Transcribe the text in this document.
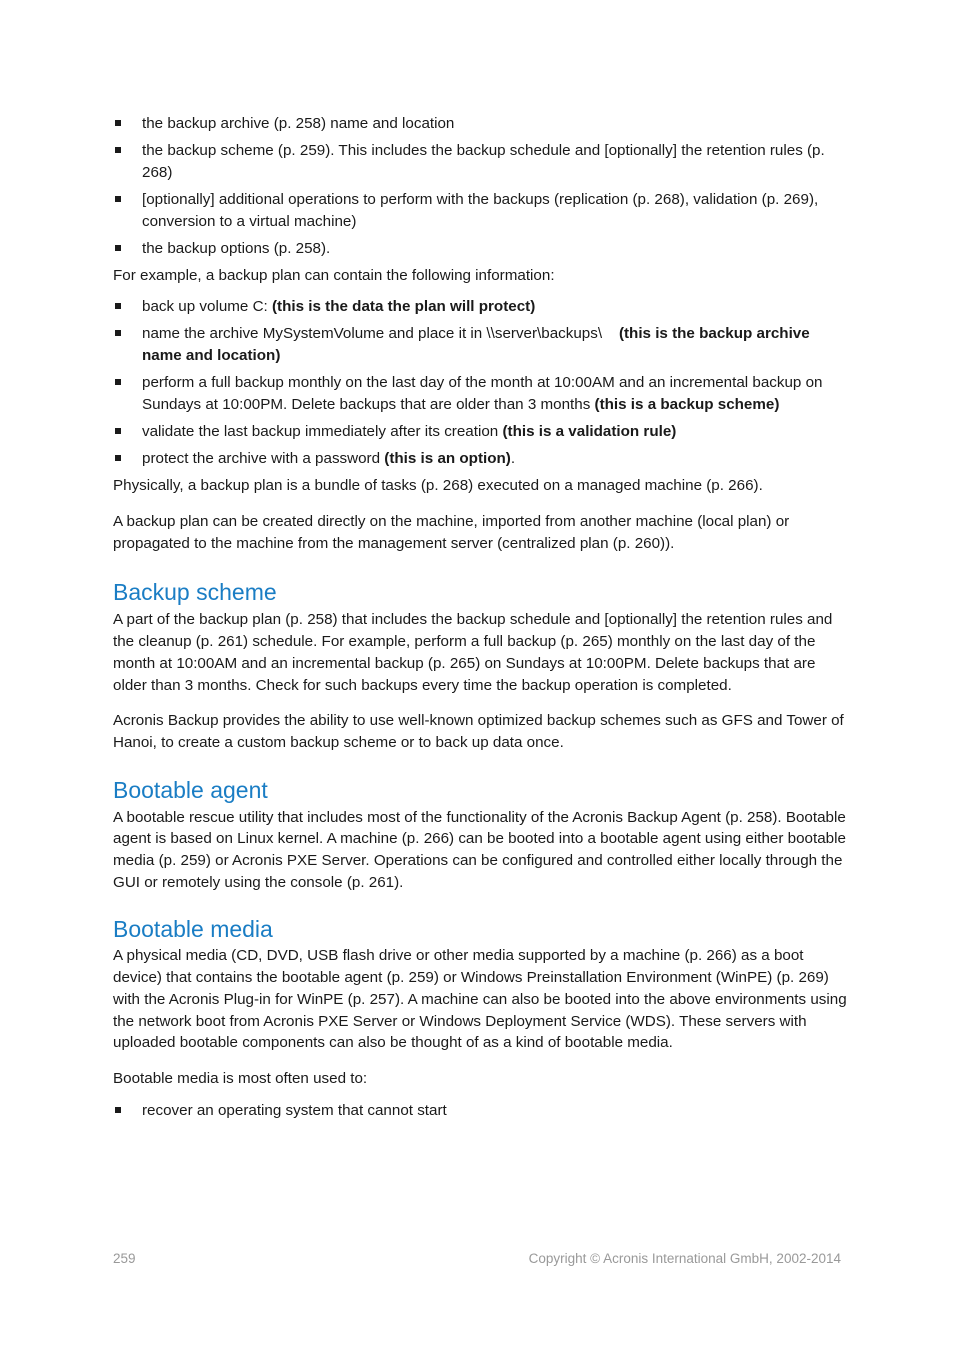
the backup archive (p. 258) name and location
the backup scheme (p. 259). This includes the backup schedule and [optionally] the retention rules (p. 268)
[optionally] additional operations to perform with the backups (replication (p. 268), validation (p. 269), conversion to a virtual machine)
the backup options (p. 258).

For example, a backup plan can contain the following information:

back up volume C: (this is the data the plan will protect)
name the archive MySystemVolume and place it in \\server\backups\    (this is the backup archive name and location)
perform a full backup monthly on the last day of the month at 10:00AM and an incremental backup on Sundays at 10:00PM. Delete backups that are older than 3 months (this is a backup scheme)
validate the last backup immediately after its creation (this is a validation rule)
protect the archive with a password (this is an option).

Physically, a backup plan is a bundle of tasks (p. 268) executed on a managed machine (p. 266).

A backup plan can be created directly on the machine, imported from another machine (local plan) or propagated to the machine from the management server (centralized plan (p. 260)).

Backup scheme

A part of the backup plan (p. 258) that includes the backup schedule and [optionally] the retention rules and the cleanup (p. 261) schedule. For example, perform a full backup (p. 265) monthly on the last day of the month at 10:00AM and an incremental backup (p. 265) on Sundays at 10:00PM. Delete backups that are older than 3 months. Check for such backups every time the backup operation is completed.

Acronis Backup provides the ability to use well-known optimized backup schemes such as GFS and Tower of Hanoi, to create a custom backup scheme or to back up data once.

Bootable agent

A bootable rescue utility that includes most of the functionality of the Acronis Backup Agent (p. 258). Bootable agent is based on Linux kernel. A machine (p. 266) can be booted into a bootable agent using either bootable media (p. 259) or Acronis PXE Server. Operations can be configured and controlled either locally through the GUI or remotely using the console (p. 261).

Bootable media

A physical media (CD, DVD, USB flash drive or other media supported by a machine (p. 266) as a boot device) that contains the bootable agent (p. 259) or Windows Preinstallation Environment (WinPE) (p. 269) with the Acronis Plug-in for WinPE (p. 257). A machine can also be booted into the above environments using the network boot from Acronis PXE Server or Windows Deployment Service (WDS). These servers with uploaded bootable components can also be thought of as a kind of bootable media.

Bootable media is most often used to:

recover an operating system that cannot start
259	Copyright © Acronis International GmbH, 2002-2014
